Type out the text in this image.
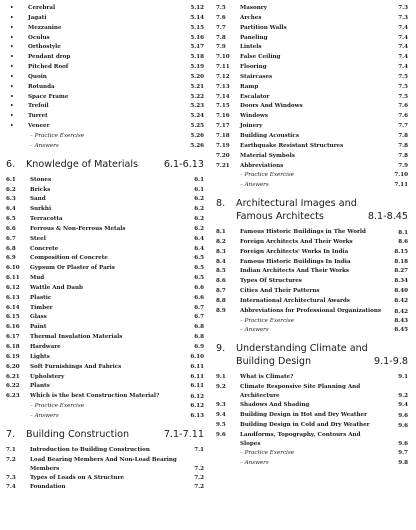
•	Cerebral	5.12
•	Jagati	5.14
•	Mezzanine	5.15
•	Oculus	5.16
•	Orthostyle	5.17
•	Pendant drop	5.18
•	Pitched Roof	5.19
•	Quoin	5.20
•	Rotunda	5.21
•	Space Frame	5.22
•	Trefoil	5.23
•	Turret	5.24
•	Veneer	5.25
– Practice Exercise	5.26
– Answers	5.26
6.	Knowledge of Materials	6.1-6.13
6.1	Stones	6.1
6.2	Bricks	6.1
6.3	Sand	6.2
6.4	Surkhi	6.2
6.5	Terracotta	6.2
6.6	Ferrous & Non-Ferrous Metals	6.2
6.7	Steel	6.4
6.8	Concrete	6.4
6.9	Composition of Concrete	6.5
6.10	Gypsum Or Plaster of Paris	6.5
6.11	Mud	6.5
6.12	Wattle And Daub	6.6
6.13	Plastic	6.6
6.14	Timber	6.7
6.15	Glass	6.7
6.16	Paint	6.8
6.17	Thermal Insulation Materials	6.8
6.18	Hardware	6.9
6.19	Lights	6.10
6.20	Soft Furnishings And Fabrics	6.11
6.21	Upholstery	6.11
6.22	Plants	6.11
6.23	Which is the best Construction Material?	6.12
– Practice Exercise	6.12
– Answers	6.13
7.	Building Construction	7.1-7.11
7.1	Introduction to Building Construction	7.1
7.2	Load Bearing Members And Non-Load Bearing Members	7.2
7.3	Types of Loads on A Structure	7.2
7.4	Foundation	7.2
7.5	Masonry	7.3
7.6	Arches	7.3
7.7	Partition Walls	7.4
7.8	Paneling	7.4
7.9	Lintels	7.4
7.10	False Ceiling	7.4
7.11	Flooring	7.4
7.12	Staircases	7.5
7.13	Ramp	7.5
7.14	Escalator	7.5
7.15	Doors And Windows	7.6
7.16	Windows	7.6
7.17	Joinery	7.7
7.18	Building Acoustics	7.8
7.19	Earthquake Resistant Structures	7.8
7.20	Material Symbols	7.8
7.21	Abbreviations	7.9
– Practice Exercise	7.10
– Answers	7.11
8.	Architectural Images and
Famous Architects	8.1-8.45
8.1	Famous Historic Buildings in The World	8.1
8.2	Foreign Architects And Their Works	8.6
8.3	Foreign Architects' Works In India	8.15
8.4	Famous Historic Buildings In India	8.18
8.5	Indian Architects And Their Works	8.27
8.6	Types Of Structures	8.34
8.7	Cities And Their Patterns	8.40
8.8	International Architectural Awards	8.42
8.9	Abbreviations for Professional Organizations	8.42
– Practice Exercise	8.43
– Answers	8.45
9.	Understanding Climate and
Building Design	9.1-9.8
9.1	What is Climate?	9.1
9.2	Climate Responsive Site Planning And Architecture	9.2
9.3	Shadows And Shading	9.4
9.4	Building Design in Hot and Dry Weather	9.6
9.5	Building Design in Cold and Dry Weather	9.6
9.6	Landforms, Topography, Contours And Slopes	9.6
– Practice Exercise	9.7
– Answers	9.8
